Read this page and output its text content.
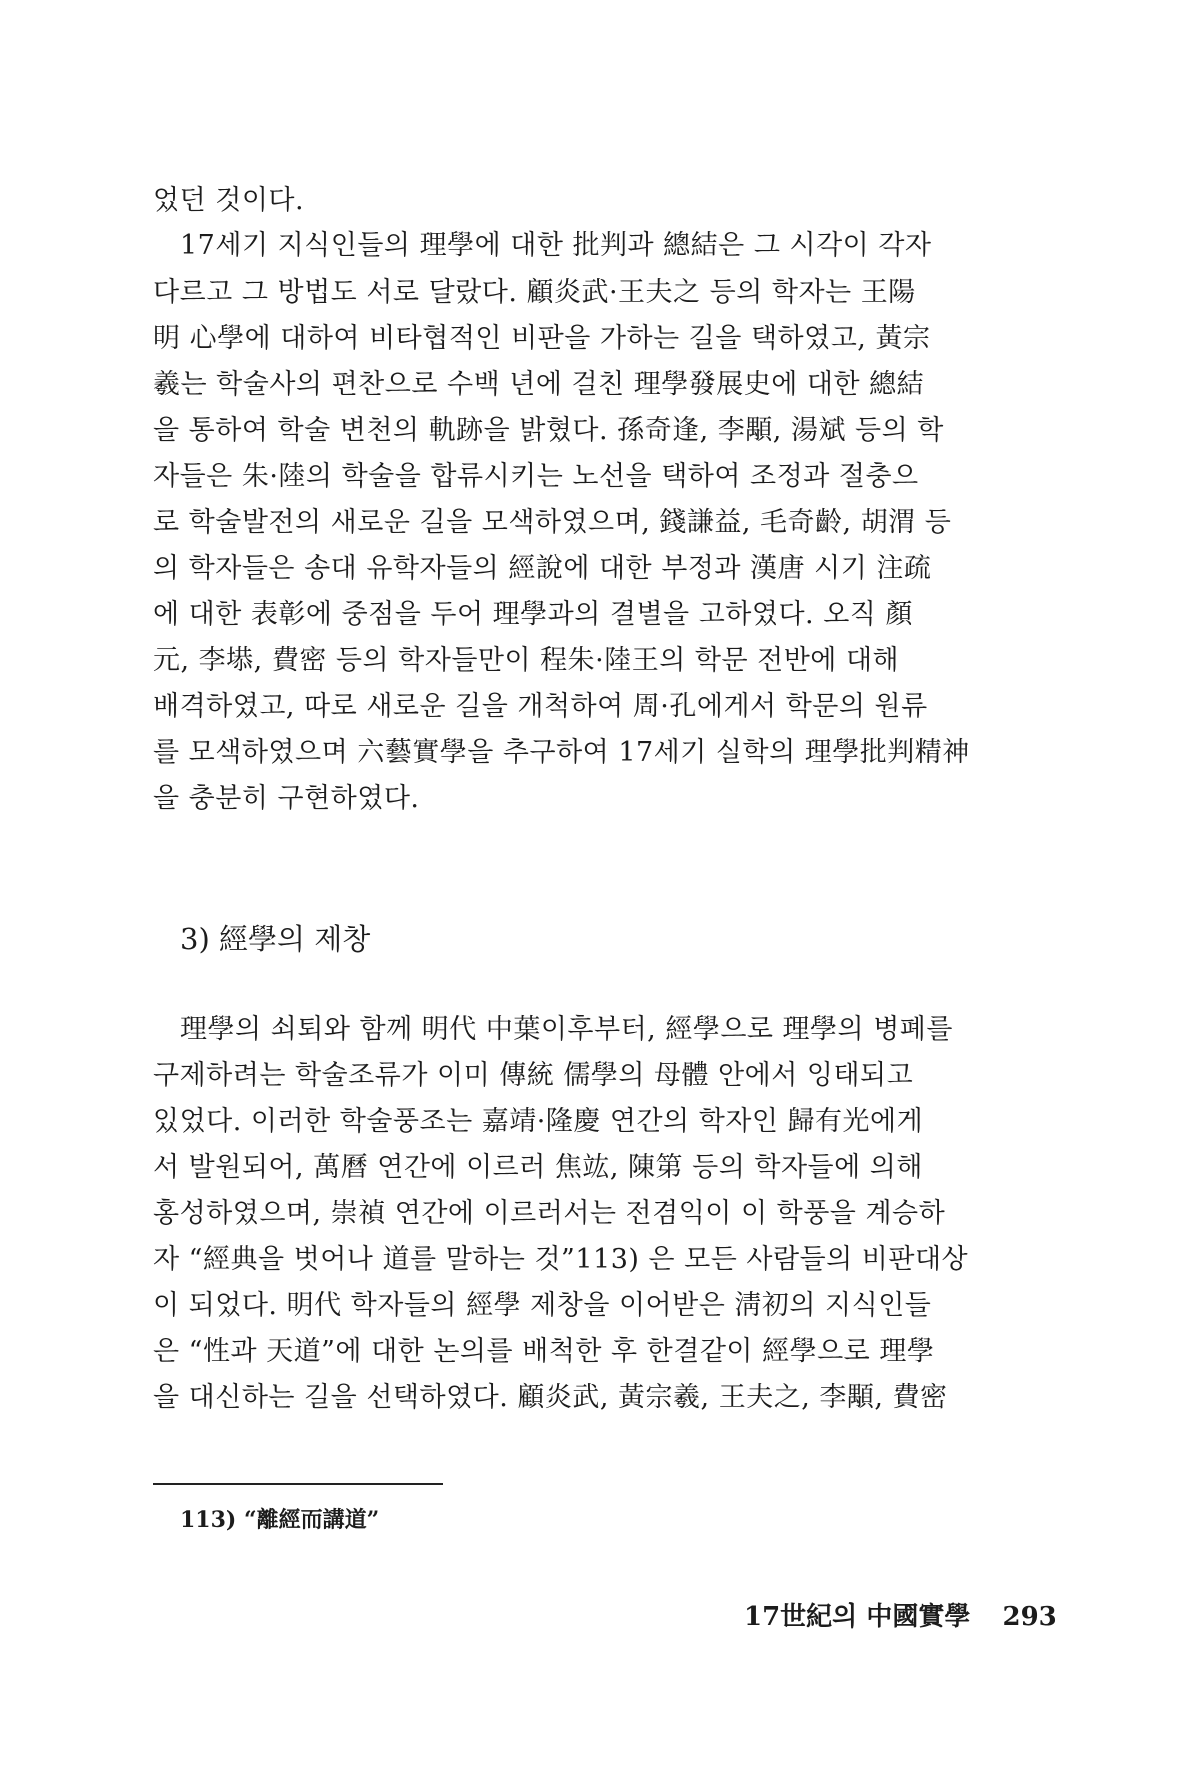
었던 것이다.
17세기 지식인들의 理學에 대한 批判과 總結은 그 시각이 각자
다르고 그 방법도 서로 달랐다. 顧炎武·王夫之 등의 학자는 王陽
明 心學에 대하여 비타협적인 비판을 가하는 길을 택하였고, 黃宗
羲는 학술사의 편찬으로 수백 년에 걸친 理學發展史에 대한 總結
을 통하여 학술 변천의 軌跡을 밝혔다. 孫奇逢, 李顒, 湯斌 등의 학
자들은 朱·陸의 학술을 합류시키는 노선을 택하여 조정과 절충으
로 학술발전의 새로운 길을 모색하였으며, 錢謙益, 毛奇齡, 胡渭 등
의 학자들은 송대 유학자들의 經說에 대한 부정과 漢唐 시기 注疏
에 대한 表彰에 중점을 두어 理學과의 결별을 고하였다. 오직 顏
元, 李塨, 費密 등의 학자들만이 程朱·陸王의 학문 전반에 대해
배격하였고, 따로 새로운 길을 개척하여 周·孔에게서 학문의 원류
를 모색하였으며 六藝實學을 추구하여 17세기 실학의 理學批判精神
을 충분히 구현하였다.
3) 經學의 제창
理學의 쇠퇴와 함께 明代 中葉이후부터, 經學으로 理學의 병폐를
구제하려는 학술조류가 이미 傳統 儒學의 母體 안에서 잉태되고
있었다. 이러한 학술풍조는 嘉靖·隆慶 연간의 학자인 歸有光에게
서 발원되어, 萬曆 연간에 이르러 焦竑, 陳第 등의 학자들에 의해
홍성하였으며, 崇禎 연간에 이르러서는 전겸익이 이 학풍을 계승하
자 “經典을 벗어나 道를 말하는 것”113) 은 모든 사람들의 비판대상
이 되었다. 明代 학자들의 經學 제창을 이어받은 淸初의 지식인들
은 “性과 天道”에 대한 논의를 배척한 후 한결같이 經學으로 理學
을 대신하는 길을 선택하였다. 顧炎武, 黃宗羲, 王夫之, 李顒, 費密
113) “離經而講道”
17世紀의 中國實學 293
